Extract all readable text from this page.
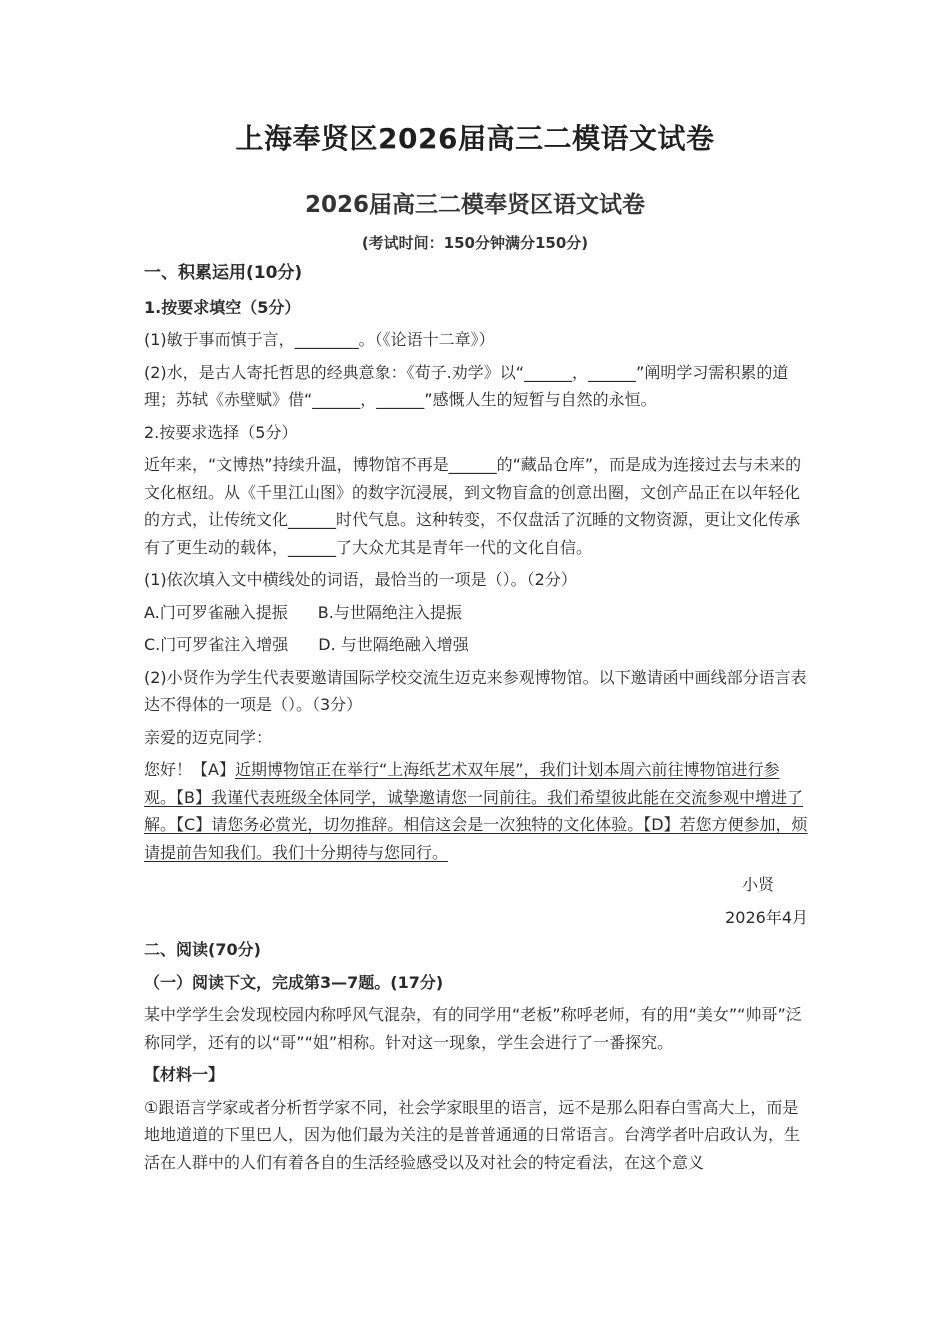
上海奉贤区2026届高三二模语文试卷
2026届高三二模奉贤区语文试卷
(考试时间：150分钟满分150分)

一、积累运用(10分)

1.按要求填空（5分）

(1)敏于事而慎于言，________。（《论语十二章》）

(2)水，是古人寄托哲思的经典意象：《荀子.劝学》以“______，______”阐明学习需积累的道理；苏轼《赤壁赋》借“______，______”感慨人生的短暂与自然的永恒。

2.按要求选择（5分）

近年来，“文博热”持续升温，博物馆不再是______的“藏品仓库”，而是成为连接过去与未来的文化枢纽。从《千里江山图》的数字沉浸展，到文物盲盒的创意出圈，文创产品正在以年轻化的方式，让传统文化______时代气息。这种转变，不仅盘活了沉睡的文物资源，更让文化传承有了更生动的载体，______了大众尤其是青年一代的文化自信。

(1)依次填入文中横线处的词语，最恰当的一项是（）。（2分）

A.门可罗雀融入提振 B.与世隔绝注入提振

C.门可罗雀注入增强 D. 与世隔绝融入增强

(2)小贤作为学生代表要邀请国际学校交流生迈克来参观博物馆。以下邀请函中画线部分语言表达不得体的一项是（）。（3分）

亲爱的迈克同学：

您好！【A】近期博物馆正在举行“上海纸艺术双年展”，我们计划本周六前往博物馆进行参观。【B】我谨代表班级全体同学，诚挚邀请您一同前往。我们希望彼此能在交流参观中增进了解。【C】请您务必赏光，切勿推辞。相信这会是一次独特的文化体验。【D】若您方便参加，烦请提前告知我们。我们十分期待与您同行。

小贤

2026年4月

二、阅读(70分)

（一）阅读下文，完成第3—7题。(17分)

某中学学生会发现校园内称呼风气混杂，有的同学用“老板”称呼老师，有的用“美女”“帅哥”泛称同学，还有的以“哥”“姐”相称。针对这一现象，学生会进行了一番探究。

【材料一】

①跟语言学家或者分析哲学家不同，社会学家眼里的语言，远不是那么阳春白雪高大上，而是地地道道的下里巴人，因为他们最为关注的是普普通通的日常语言。台湾学者叶启政认为，生活在人群中的人们有着各自的生活经验感受以及对社会的特定看法，在这个意义
